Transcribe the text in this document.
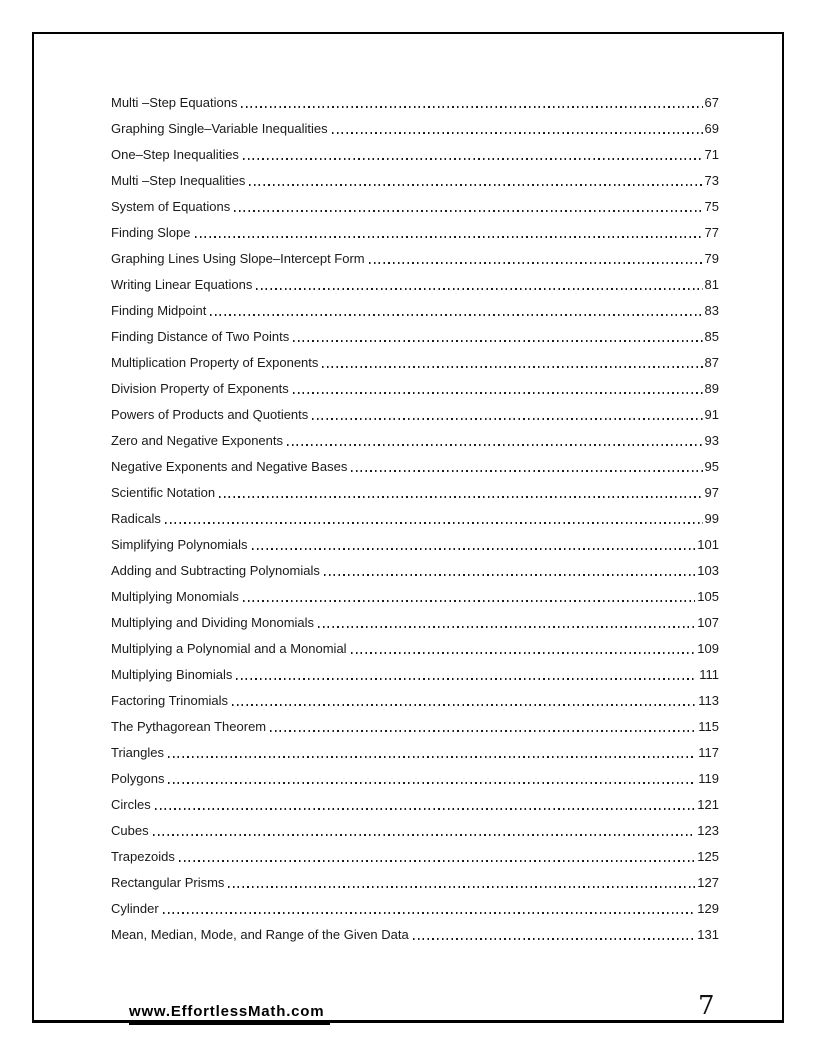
Multi –Step Equations	67
Graphing Single–Variable Inequalities	69
One–Step Inequalities	71
Multi –Step Inequalities	73
System of Equations	75
Finding Slope	77
Graphing Lines Using Slope–Intercept Form	79
Writing Linear Equations	81
Finding Midpoint	83
Finding Distance of Two Points	85
Multiplication Property of Exponents	87
Division Property of Exponents	89
Powers of Products and Quotients	91
Zero and Negative Exponents	93
Negative Exponents and Negative Bases	95
Scientific Notation	97
Radicals	99
Simplifying Polynomials	101
Adding and Subtracting Polynomials	103
Multiplying Monomials	105
Multiplying and Dividing Monomials	107
Multiplying a Polynomial and a Monomial	109
Multiplying Binomials	111
Factoring Trinomials	113
The Pythagorean Theorem	115
Triangles	117
Polygons	119
Circles	121
Cubes	123
Trapezoids	125
Rectangular Prisms	127
Cylinder	129
Mean, Median, Mode, and Range of the Given Data	131
www.EffortlessMath.com	7
